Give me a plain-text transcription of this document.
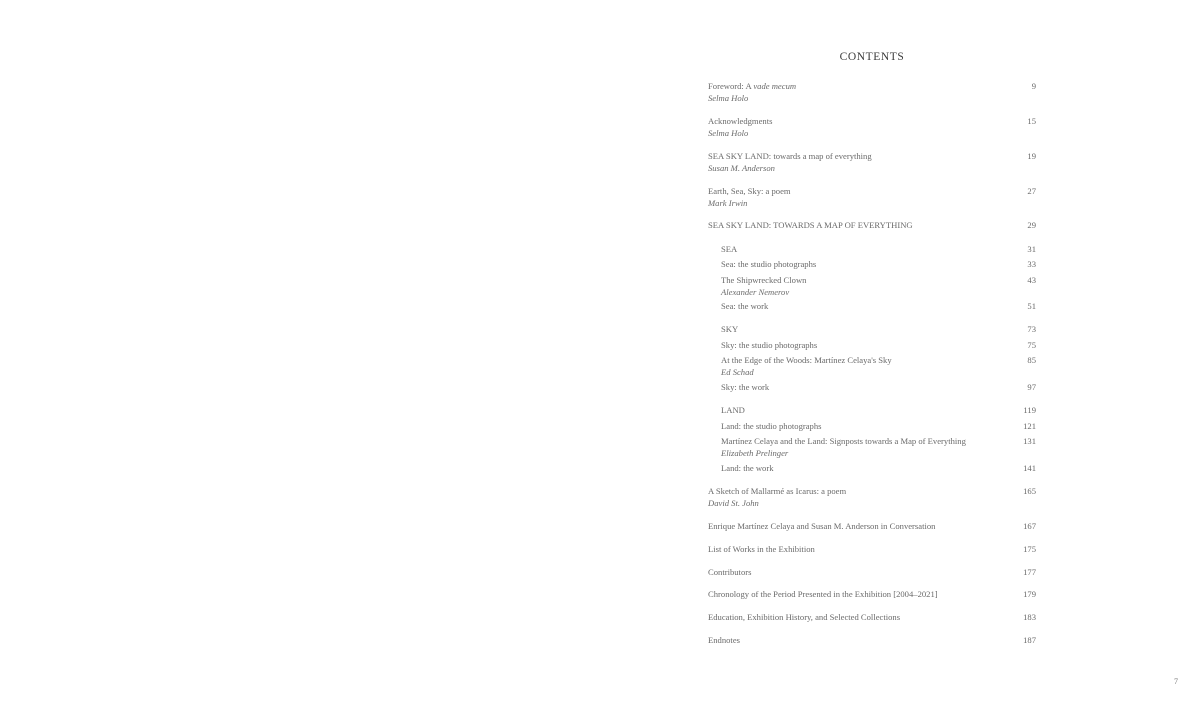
CONTENTS
Foreword: A vade mecum	9
Selma Holo
Acknowledgments	15
Selma Holo
SEA SKY LAND: towards a map of everything	19
Susan M. Anderson
Earth, Sea, Sky: a poem	27
Mark Irwin
SEA SKY LAND: TOWARDS A MAP OF EVERYTHING	29
SEA	31
Sea: the studio photographs	33
The Shipwrecked Clown	43
Alexander Nemerov
Sea: the work	51
SKY	73
Sky: the studio photographs	75
At the Edge of the Woods: Martínez Celaya's Sky	85
Ed Schad
Sky: the work	97
LAND	119
Land: the studio photographs	121
Martínez Celaya and the Land: Signposts towards a Map of Everything	131
Elizabeth Prelinger
Land: the work	141
A Sketch of Mallarmé as Icarus: a poem	165
David St. John
Enrique Martínez Celaya and Susan M. Anderson in Conversation	167
List of Works in the Exhibition	175
Contributors	177
Chronology of the Period Presented in the Exhibition [2004–2021]	179
Education, Exhibition History, and Selected Collections	183
Endnotes	187
7
